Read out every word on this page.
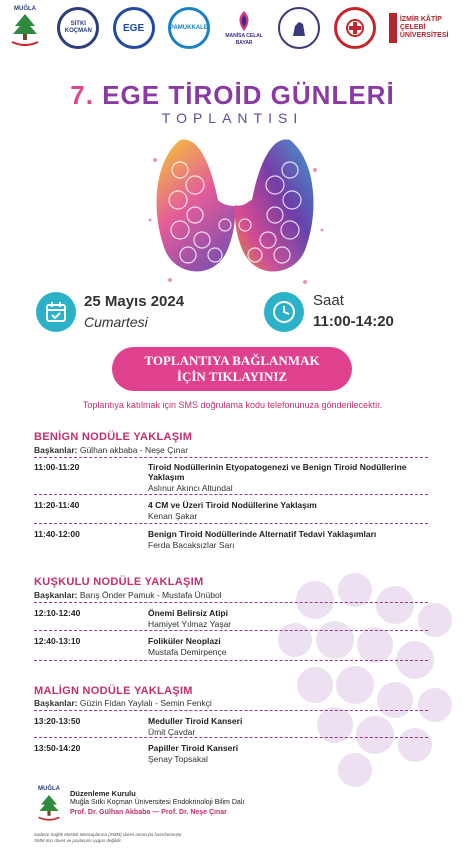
MUĞLA
SITKI KOÇMAN	EGE	PAMUKKALE
MANİSA CELAL BAYAR
İZMİR KÂTİP ÇELEBİ ÜNİVERSİTESİ
7. EGE TİROİD GÜNLERİ
TOPLANTISI
25 Mayıs 2024
Cumartesi
Saat
11:00-14:20
TOPLANTIYA BAĞLANMAK
İÇİN TIKLAYINIZ
Toplantıya katılmak için SMS doğrulama kodu telefonunuza gönderilecektir.
BENİGN NODÜLE YAKLAŞIM
Başkanlar: Gülhan akbaba - Neşe Çınar
11:00-11:20	Tiroid Nodüllerinin Etyopatogenezi ve Benign Tiroid Nodüllerine Yaklaşım
Aslınur Akıncı Altundal
11:20-11:40	4 CM ve Üzeri Tiroid Nodüllerine Yaklaşım
Kenan Şakar
11:40-12:00	Benign Tiroid Nodüllerinde Alternatif Tedavi Yaklaşımları
Ferda Bacaksızlar Sarı
KUŞKULU NODÜLE YAKLAŞIM
Başkanlar: Barış Önder Pamuk - Mustafa Ünübol
12:10-12:40	Önemi Belirsiz Atipi
Hamiyet Yılmaz Yaşar
12:40-13:10	Foliküler Neoplazi
Mustafa Demirpençe
MALİGN NODÜLE YAKLAŞIM
Başkanlar: Güzin Fidan Yaylalı - Semin Fenkçi
13:20-13:50	Meduller Tiroid Kanseri
Ümit Çavdar
13:50-14:20	Papiller Tiroid Kanseri
Şenay Topsakal
MUĞLA Düzenleme Kurulu
Muğla Sıtkı Koçman Üniversitesi Endokrinoloji Bilim Dalı
Prof. Dr. Gülhan Akbaba — Prof. Dr. Neşe Çınar
Sadece Sağlık Meslek Mensuplarına (SMM) davet amacıyla hazırlanmıştır.
SMM dışı davet ve paylaşımı uygun değildir.
